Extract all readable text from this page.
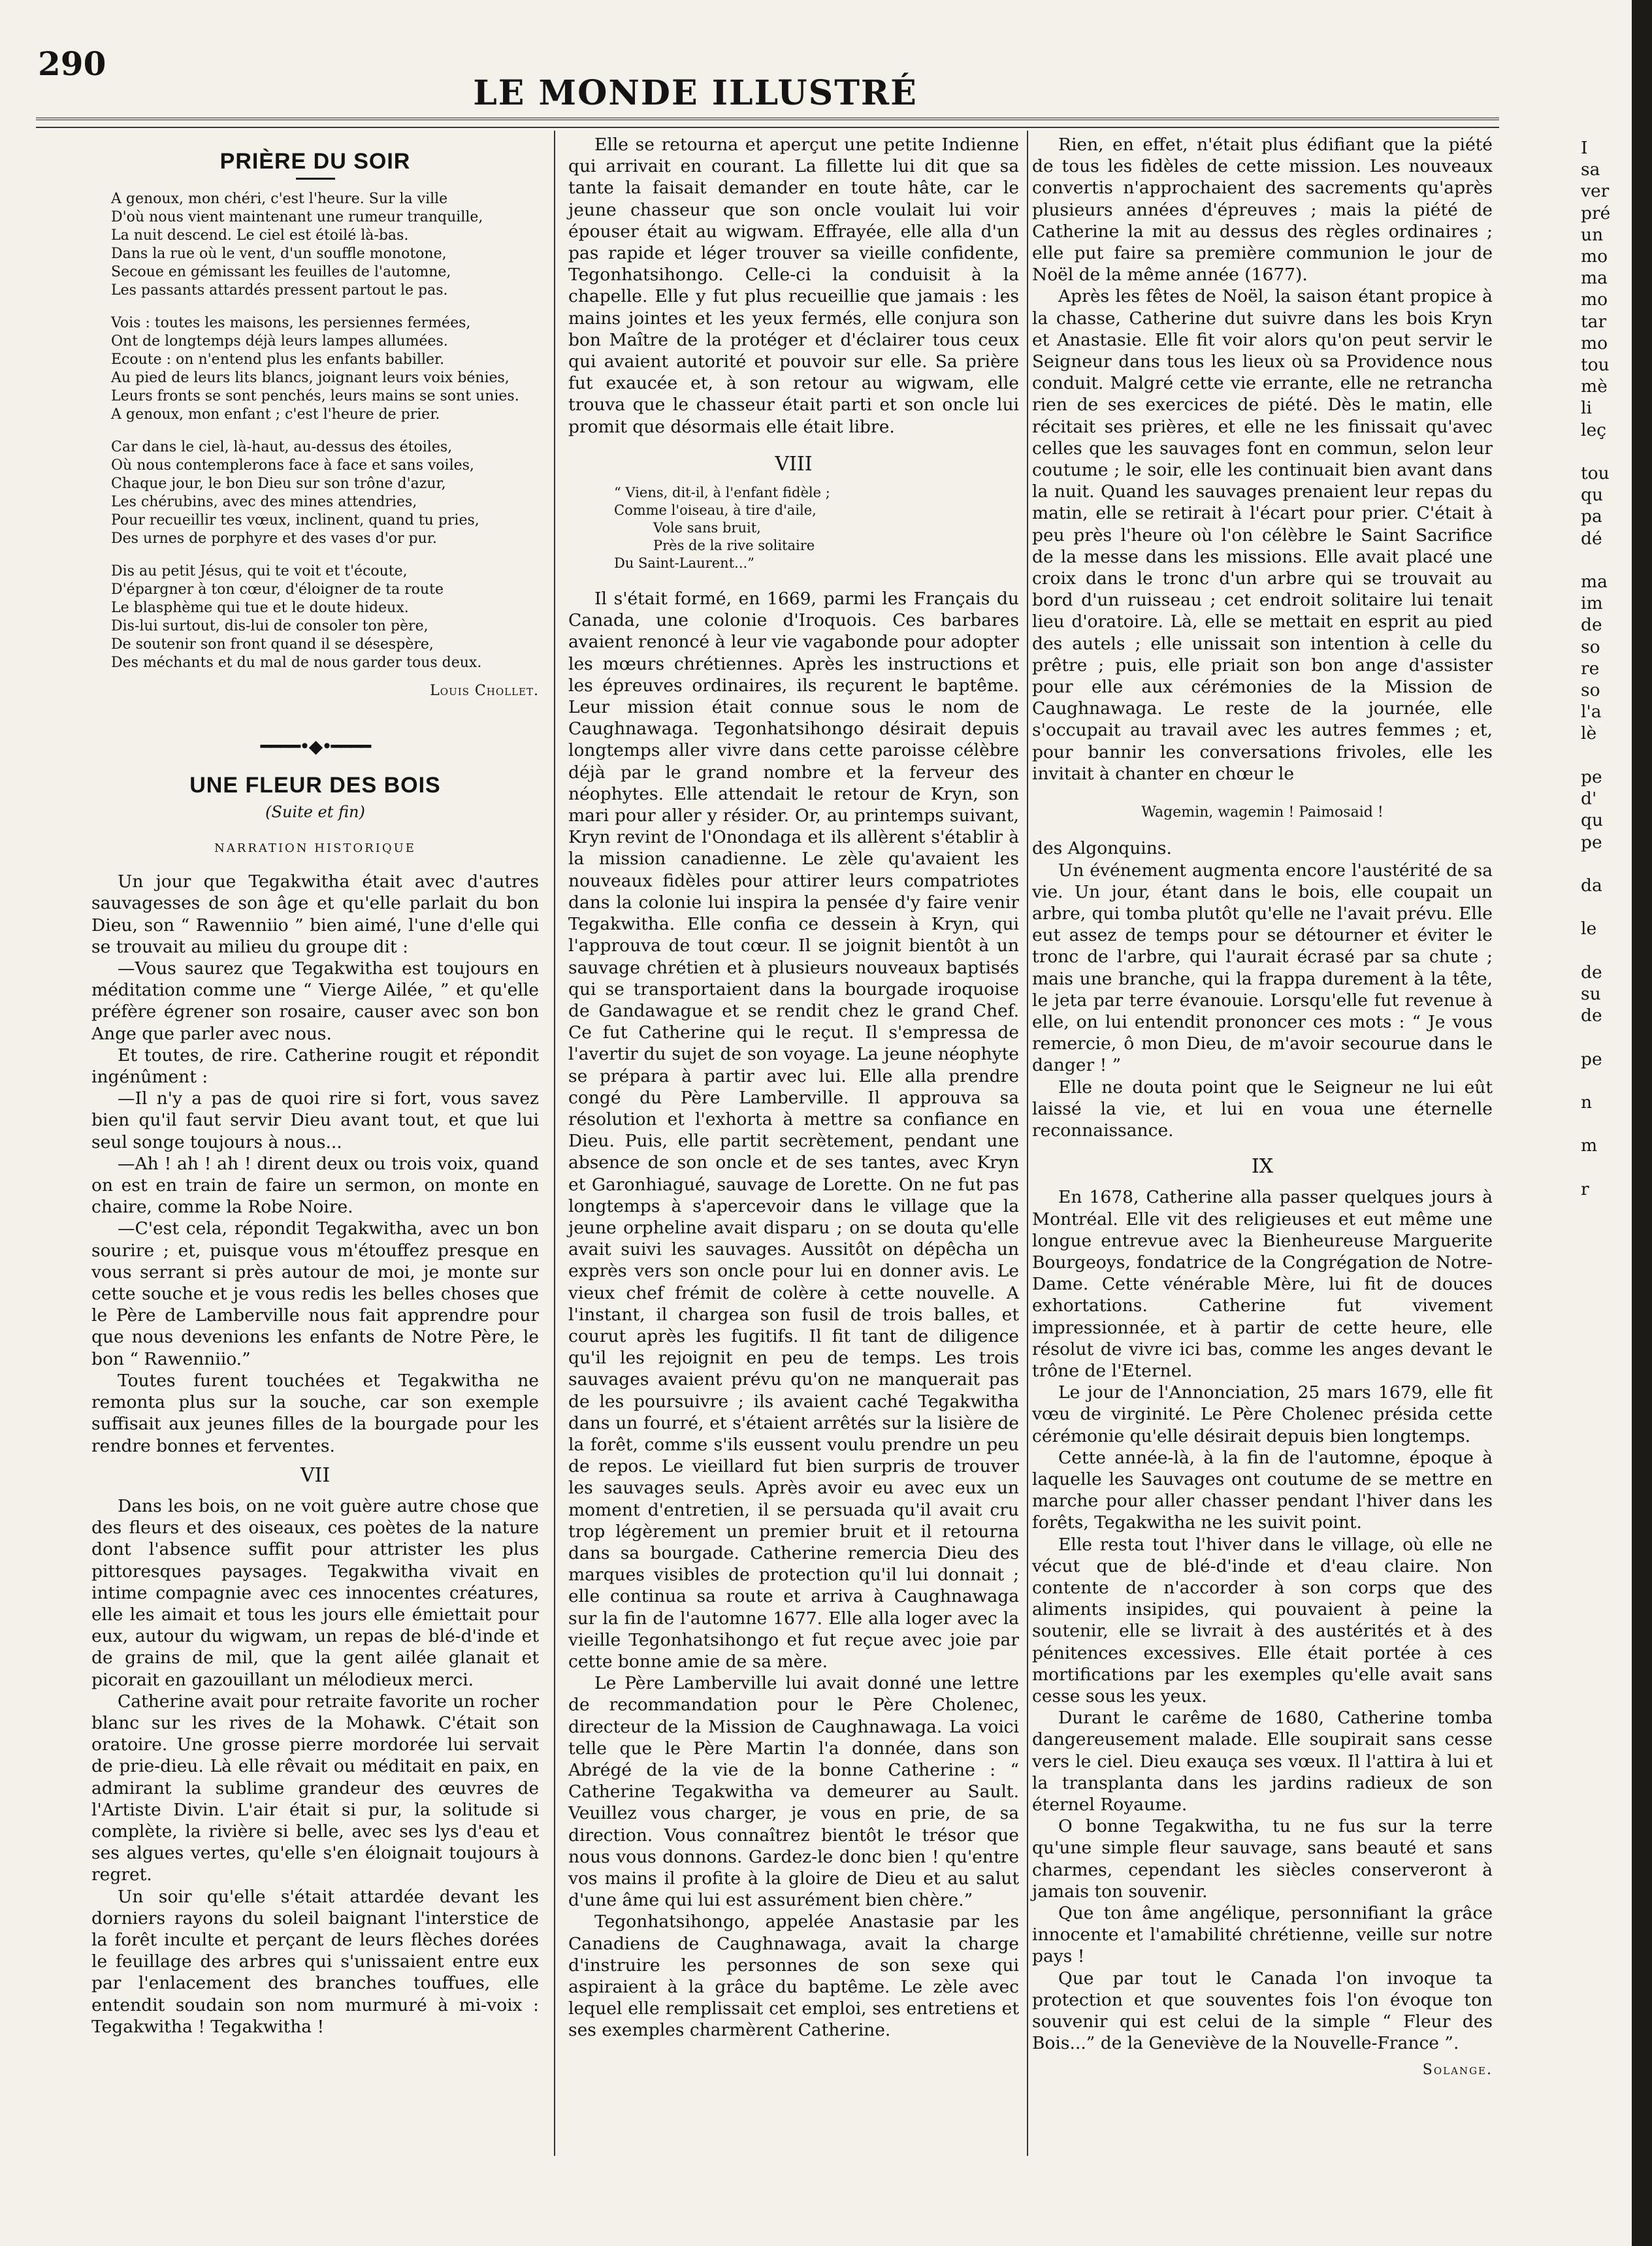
290
LE MONDE ILLUSTRÉ
PRIÈRE DU SOIR
A genoux, mon chéri, c'est l'heure. Sur la ville
D'où nous vient maintenant une rumeur tranquille,
La nuit descend. Le ciel est étoilé là-bas.
Dans la rue où le vent, d'un souffle monotone,
Secoue en gémissant les feuilles de l'automne,
Les passants attardés pressent partout le pas.
Vois : toutes les maisons, les persiennes fermées,
Ont de longtemps déjà leurs lampes allumées.
Ecoute : on n'entend plus les enfants babiller.
Au pied de leurs lits blancs, joignant leurs voix bénies,
Leurs fronts se sont penchés, leurs mains se sont unies.
A genoux, mon enfant ; c'est l'heure de prier.
Car dans le ciel, là-haut, au-dessus des étoiles,
Où nous contemplerons face à face et sans voiles,
Chaque jour, le bon Dieu sur son trône d'azur,
Les chérubins, avec des mines attendries,
Pour recueillir tes vœux, inclinent, quand tu pries,
Des urnes de porphyre et des vases d'or pur.
Dis au petit Jésus, qui te voit et t'écoute,
D'épargner à ton cœur, d'éloigner de ta route
Le blasphème qui tue et le doute hideux.
Dis-lui surtout, dis-lui de consoler ton père,
De soutenir son front quand il se désespère,
Des méchants et du mal de nous garder tous deux.
Louis Chollet.
━━━━•◆•━━━━
UNE FLEUR DES BOIS
(Suite et fin)
NARRATION HISTORIQUE

Un jour que Tegakwitha était avec d'autres sauvagesses de son âge et qu'elle parlait du bon Dieu, son “ Rawenniio ” bien aimé, l'une d'elle qui se trouvait au milieu du groupe dit :

—Vous saurez que Tegakwitha est toujours en méditation comme une “ Vierge Ailée, ” et qu'elle préfère égrener son rosaire, causer avec son bon Ange que parler avec nous.

Et toutes, de rire. Catherine rougit et répondit ingénûment :

—Il n'y a pas de quoi rire si fort, vous savez bien qu'il faut servir Dieu avant tout, et que lui seul songe toujours à nous...

—Ah ! ah ! ah ! dirent deux ou trois voix, quand on est en train de faire un sermon, on monte en chaire, comme la Robe Noire.

—C'est cela, répondit Tegakwitha, avec un bon sourire ; et, puisque vous m'étouffez presque en vous serrant si près autour de moi, je monte sur cette souche et je vous redis les belles choses que le Père de Lamberville nous fait apprendre pour que nous devenions les enfants de Notre Père, le bon “ Rawenniio.”

Toutes furent touchées et Tegakwitha ne remonta plus sur la souche, car son exemple suffisait aux jeunes filles de la bourgade pour les rendre bonnes et ferventes.

VII

Dans les bois, on ne voit guère autre chose que des fleurs et des oiseaux, ces poètes de la nature dont l'absence suffit pour attrister les plus pittoresques paysages. Tegakwitha vivait en intime compagnie avec ces innocentes créatures, elle les aimait et tous les jours elle émiettait pour eux, autour du wigwam, un repas de blé-d'inde et de grains de mil, que la gent ailée glanait et picorait en gazouillant un mélodieux merci.

Catherine avait pour retraite favorite un rocher blanc sur les rives de la Mohawk. C'était son oratoire. Une grosse pierre mordorée lui servait de prie-dieu. Là elle rêvait ou méditait en paix, en admirant la sublime grandeur des œuvres de l'Artiste Divin. L'air était si pur, la solitude si complète, la rivière si belle, avec ses lys d'eau et ses algues vertes, qu'elle s'en éloignait toujours à regret.

Un soir qu'elle s'était attardée devant les dorniers rayons du soleil baignant l'interstice de la forêt inculte et perçant de leurs flèches dorées le feuillage des arbres qui s'unissaient entre eux par l'enlacement des branches touffues, elle entendit soudain son nom murmuré à mi-voix : Tegakwitha ! Tegakwitha !

Elle se retourna et aperçut une petite Indienne qui arrivait en courant. La fillette lui dit que sa tante la faisait demander en toute hâte, car le jeune chasseur que son oncle voulait lui voir épouser était au wigwam. Effrayée, elle alla d'un pas rapide et léger trouver sa vieille confidente, Tegonhatsihongo. Celle-ci la conduisit à la chapelle. Elle y fut plus recueillie que jamais : les mains jointes et les yeux fermés, elle conjura son bon Maître de la protéger et d'éclairer tous ceux qui avaient autorité et pouvoir sur elle. Sa prière fut exaucée et, à son retour au wigwam, elle trouva que le chasseur était parti et son oncle lui promit que désormais elle était libre.

VIII

“ Viens, dit-il, à l'enfant fidèle ;
Comme l'oiseau, à tire d'aile,
Vole sans bruit,
Près de la rive solitaire
Du Saint-Laurent...”

Il s'était formé, en 1669, parmi les Français du Canada, une colonie d'Iroquois. Ces barbares avaient renoncé à leur vie vagabonde pour adopter les mœurs chrétiennes. Après les instructions et les épreuves ordinaires, ils reçurent le baptême. Leur mission était connue sous le nom de Caughnawaga. Tegonhatsihongo désirait depuis longtemps aller vivre dans cette paroisse célèbre déjà par le grand nombre et la ferveur des néophytes. Elle attendait le retour de Kryn, son mari pour aller y résider. Or, au printemps suivant, Kryn revint de l'Onondaga et ils allèrent s'établir à la mission canadienne. Le zèle qu'avaient les nouveaux fidèles pour attirer leurs compatriotes dans la colonie lui inspira la pensée d'y faire venir Tegakwitha. Elle confia ce dessein à Kryn, qui l'approuva de tout cœur. Il se joignit bientôt à un sauvage chrétien et à plusieurs nouveaux baptisés qui se transportaient dans la bourgade iroquoise de Gandawague et se rendit chez le grand Chef. Ce fut Catherine qui le reçut. Il s'empressa de l'avertir du sujet de son voyage. La jeune néophyte se prépara à partir avec lui. Elle alla prendre congé du Père Lamberville. Il approuva sa résolution et l'exhorta à mettre sa confiance en Dieu. Puis, elle partit secrètement, pendant une absence de son oncle et de ses tantes, avec Kryn et Garonhiagué, sauvage de Lorette. On ne fut pas longtemps à s'apercevoir dans le village que la jeune orpheline avait disparu ; on se douta qu'elle avait suivi les sauvages. Aussitôt on dépêcha un exprès vers son oncle pour lui en donner avis. Le vieux chef frémit de colère à cette nouvelle. A l'instant, il chargea son fusil de trois balles, et courut après les fugitifs. Il fit tant de diligence qu'il les rejoignit en peu de temps. Les trois sauvages avaient prévu qu'on ne manquerait pas de les poursuivre ; ils avaient caché Tegakwitha dans un fourré, et s'étaient arrêtés sur la lisière de la forêt, comme s'ils eussent voulu prendre un peu de repos. Le vieillard fut bien surpris de trouver les sauvages seuls. Après avoir eu avec eux un moment d'entretien, il se persuada qu'il avait cru trop légèrement un premier bruit et il retourna dans sa bourgade. Catherine remercia Dieu des marques visibles de protection qu'il lui donnait ; elle continua sa route et arriva à Caughnawaga sur la fin de l'automne 1677. Elle alla loger avec la vieille Tegonhatsihongo et fut reçue avec joie par cette bonne amie de sa mère.

Le Père Lamberville lui avait donné une lettre de recommandation pour le Père Cholenec, directeur de la Mission de Caughnawaga. La voici telle que le Père Martin l'a donnée, dans son Abrégé de la vie de la bonne Catherine : “ Catherine Tegakwitha va demeurer au Sault. Veuillez vous charger, je vous en prie, de sa direction. Vous connaîtrez bientôt le trésor que nous vous donnons. Gardez-le donc bien ! qu'entre vos mains il profite à la gloire de Dieu et au salut d'une âme qui lui est assurément bien chère.”

Tegonhatsihongo, appelée Anastasie par les Canadiens de Caughnawaga, avait la charge d'instruire les personnes de son sexe qui aspiraient à la grâce du baptême. Le zèle avec lequel elle remplissait cet emploi, ses entretiens et ses exemples charmèrent Catherine.

Rien, en effet, n'était plus édifiant que la piété de tous les fidèles de cette mission. Les nouveaux convertis n'approchaient des sacrements qu'après plusieurs années d'épreuves ; mais la piété de Catherine la mit au dessus des règles ordinaires ; elle put faire sa première communion le jour de Noël de la même année (1677).

Après les fêtes de Noël, la saison étant propice à la chasse, Catherine dut suivre dans les bois Kryn et Anastasie. Elle fit voir alors qu'on peut servir le Seigneur dans tous les lieux où sa Providence nous conduit. Malgré cette vie errante, elle ne retrancha rien de ses exercices de piété. Dès le matin, elle récitait ses prières, et elle ne les finissait qu'avec celles que les sauvages font en commun, selon leur coutume ; le soir, elle les continuait bien avant dans la nuit. Quand les sauvages prenaient leur repas du matin, elle se retirait à l'écart pour prier. C'était à peu près l'heure où l'on célèbre le Saint Sacrifice de la messe dans les missions. Elle avait placé une croix dans le tronc d'un arbre qui se trouvait au bord d'un ruisseau ; cet endroit solitaire lui tenait lieu d'oratoire. Là, elle se mettait en esprit au pied des autels ; elle unissait son intention à celle du prêtre ; puis, elle priait son bon ange d'assister pour elle aux cérémonies de la Mission de Caughnawaga. Le reste de la journée, elle s'occupait au travail avec les autres femmes ; et, pour bannir les conversations frivoles, elle les invitait à chanter en chœur le

Wagemin, wagemin ! Paimosaid !

des Algonquins.

Un événement augmenta encore l'austérité de sa vie. Un jour, étant dans le bois, elle coupait un arbre, qui tomba plutôt qu'elle ne l'avait prévu. Elle eut assez de temps pour se détourner et éviter le tronc de l'arbre, qui l'aurait écrasé par sa chute ; mais une branche, qui la frappa durement à la tête, le jeta par terre évanouie. Lorsqu'elle fut revenue à elle, on lui entendit prononcer ces mots : “ Je vous remercie, ô mon Dieu, de m'avoir secourue dans le danger ! ”

Elle ne douta point que le Seigneur ne lui eût laissé la vie, et lui en voua une éternelle reconnaissance.

IX

En 1678, Catherine alla passer quelques jours à Montréal. Elle vit des religieuses et eut même une longue entrevue avec la Bienheureuse Marguerite Bourgeoys, fondatrice de la Congrégation de Notre-Dame. Cette vénérable Mère, lui fit de douces exhortations. Catherine fut vivement impressionnée, et à partir de cette heure, elle résolut de vivre ici bas, comme les anges devant le trône de l'Eternel.

Le jour de l'Annonciation, 25 mars 1679, elle fit vœu de virginité. Le Père Cholenec présida cette cérémonie qu'elle désirait depuis bien longtemps.

Cette année-là, à la fin de l'automne, époque à laquelle les Sauvages ont coutume de se mettre en marche pour aller chasser pendant l'hiver dans les forêts, Tegakwitha ne les suivit point.

Elle resta tout l'hiver dans le village, où elle ne vécut que de blé-d'inde et d'eau claire. Non contente de n'accorder à son corps que des aliments insipides, qui pouvaient à peine la soutenir, elle se livrait à des austérités et à des pénitences excessives. Elle était portée à ces mortifications par les exemples qu'elle avait sans cesse sous les yeux.

Durant le carême de 1680, Catherine tomba dangereusement malade. Elle soupirait sans cesse vers le ciel. Dieu exauça ses vœux. Il l'attira à lui et la transplanta dans les jardins radieux de son éternel Royaume.

O bonne Tegakwitha, tu ne fus sur la terre qu'une simple fleur sauvage, sans beauté et sans charmes, cependant les siècles conserveront à jamais ton souvenir.

Que ton âme angélique, personnifiant la grâce innocente et l'amabilité chrétienne, veille sur notre pays !

Que par tout le Canada l'on invoque ta protection et que souventes fois l'on évoque ton souvenir qui est celui de la simple “ Fleur des Bois...” de la Geneviève de la Nouvelle-France ”.

Solange.
I
sa
ver
pré
un
mo
ma
mo
tar
mo
tou
mè
li
leç

tou
qu
pa
dé

ma
im
de
so
re
so
l'a
lè

pe
d'
qu
pe

da

le

de
su
de

pe

n

m

r
